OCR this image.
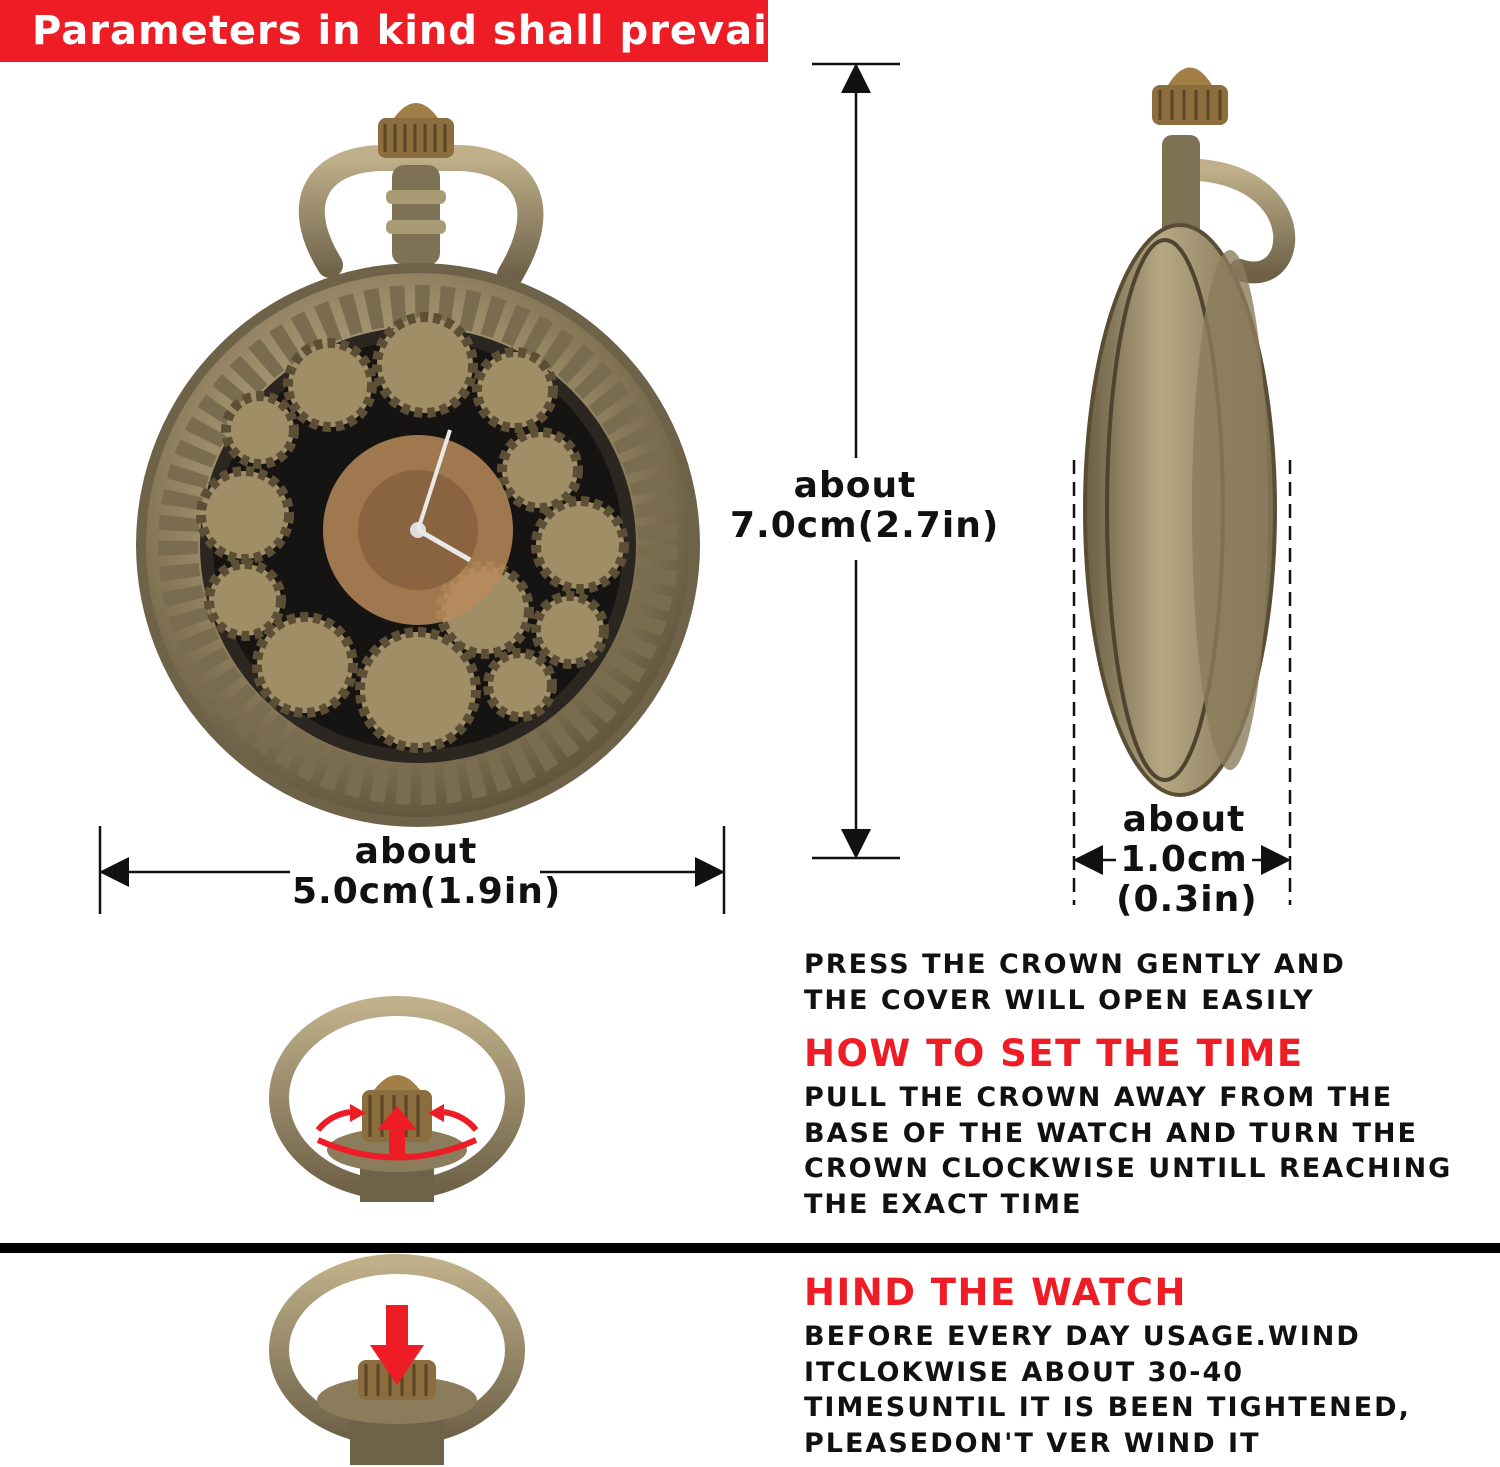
Parameters in kind shall prevail
about
5.0cm(1.9in)
about
7.0cm(2.7in)
about
1.0cm
(0.3in)
PRESS THE CROWN GENTLY AND
THE COVER WILL OPEN EASILY
HOW TO SET THE TIME
PULL THE CROWN AWAY FROM THE
BASE OF THE WATCH AND TURN THE
CROWN CLOCKWISE UNTILL REACHING
THE EXACT TIME
HIND THE WATCH
BEFORE EVERY DAY USAGE.WIND
ITCLOKWISE ABOUT 30-40
TIMESUNTIL IT IS BEEN TIGHTENED,
PLEASEDON'T VER WIND IT
